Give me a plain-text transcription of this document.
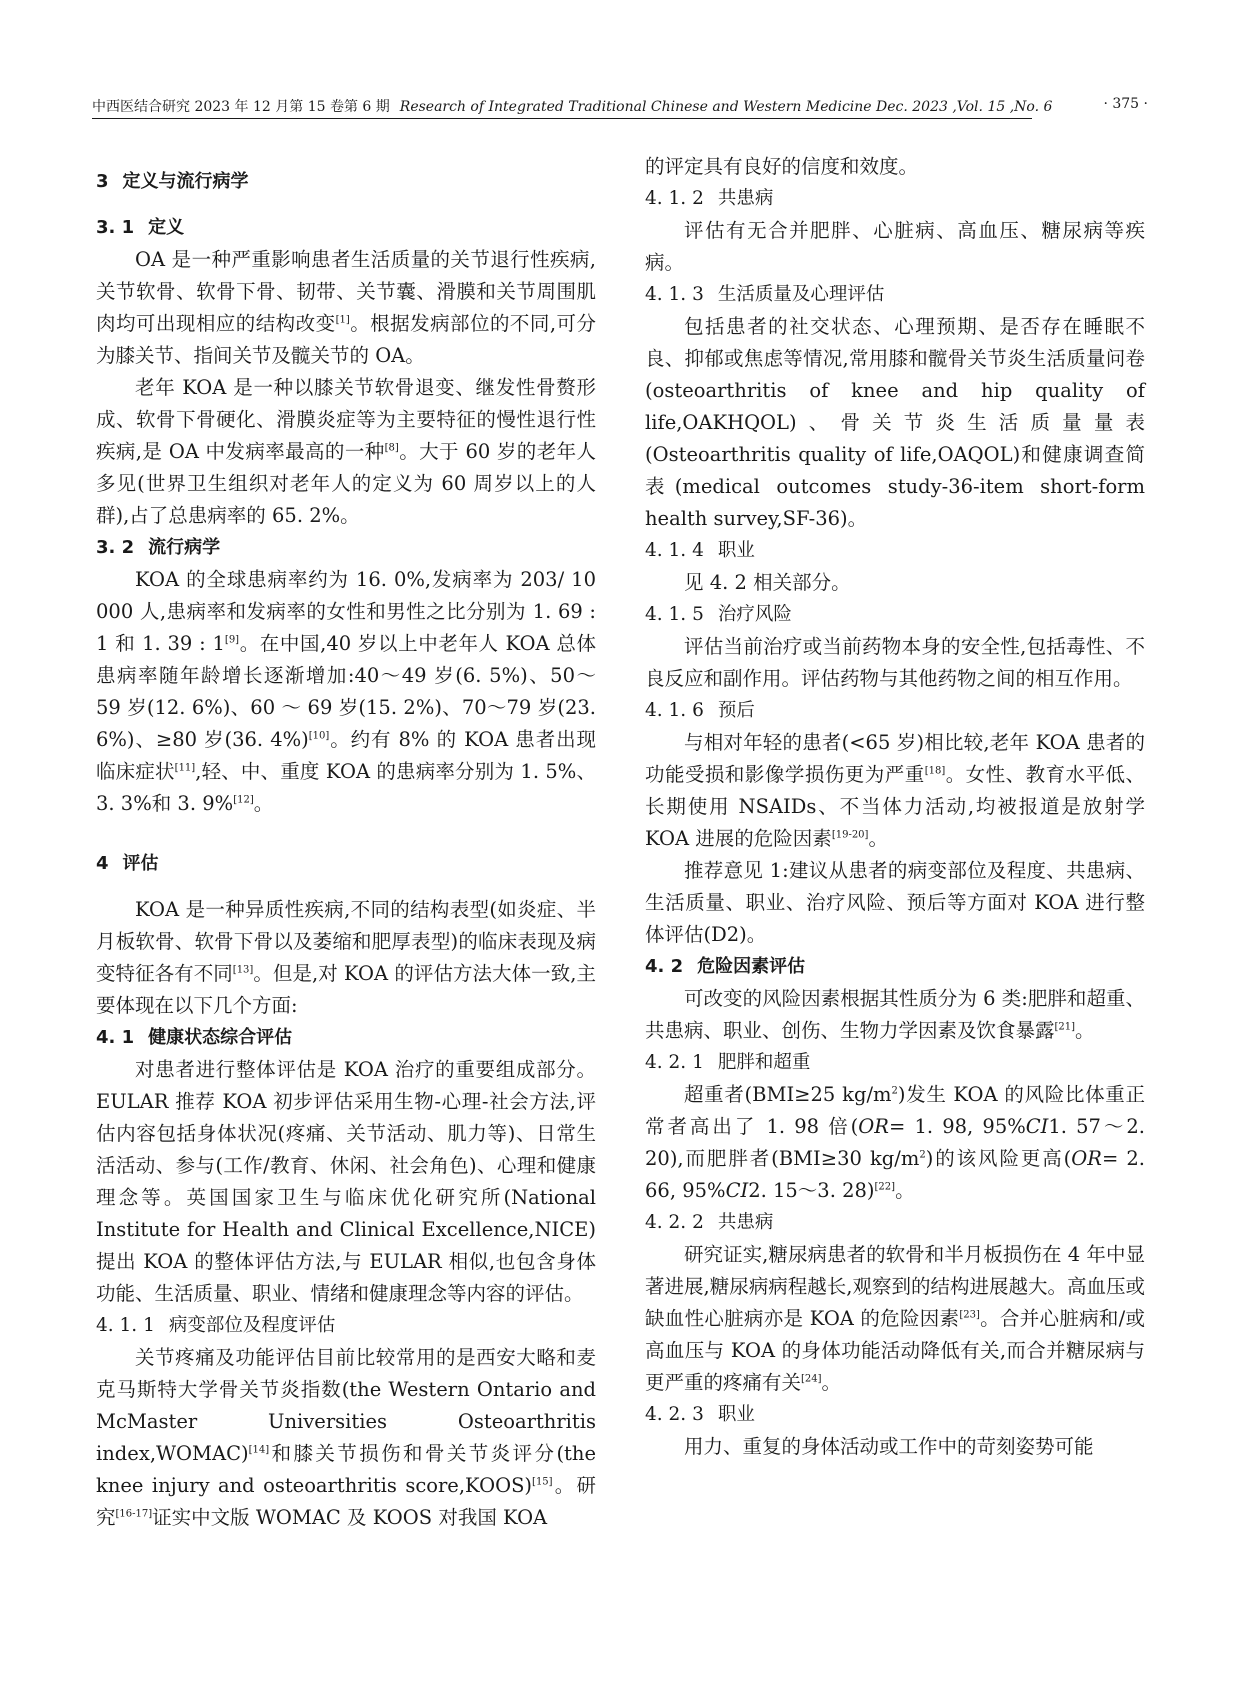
中西医结合研究 2023 年 12 月第 15 卷第 6 期 Research of Integrated Traditional Chinese and Western Medicine Dec. 2023 ,Vol. 15 ,No. 6	· 375 ·

3 定义与流行病学

3. 1 定义

OA 是一种严重影响患者生活质量的关节退行性疾病,关节软骨、软骨下骨、韧带、关节囊、滑膜和关节周围肌肉均可出现相应的结构改变[1]。根据发病部位的不同,可分为膝关节、指间关节及髋关节的 OA。

老年 KOA 是一种以膝关节软骨退变、继发性骨赘形成、软骨下骨硬化、滑膜炎症等为主要特征的慢性退行性疾病,是 OA 中发病率最高的一种[8]。大于 60 岁的老年人多见(世界卫生组织对老年人的定义为 60 周岁以上的人群),占了总患病率的 65. 2%。

3. 2 流行病学

KOA 的全球患病率约为 16. 0%,发病率为 203/ 10 000 人,患病率和发病率的女性和男性之比分别为 1. 69 : 1 和 1. 39 : 1[9]。在中国,40 岁以上中老年人 KOA 总体患病率随年龄增长逐渐增加:40～49 岁(6. 5%)、50～ 59 岁(12. 6%)、60 ～ 69 岁(15. 2%)、70～79 岁(23. 6%)、≥80 岁(36. 4%)[10]。约有 8% 的 KOA 患者出现临床症状[11],轻、中、重度 KOA 的患病率分别为 1. 5%、3. 3%和 3. 9%[12]。

4 评估

KOA 是一种异质性疾病,不同的结构表型(如炎症、半月板软骨、软骨下骨以及萎缩和肥厚表型)的临床表现及病变特征各有不同[13]。但是,对 KOA 的评估方法大体一致,主要体现在以下几个方面:

4. 1 健康状态综合评估

对患者进行整体评估是 KOA 治疗的重要组成部分。EULAR 推荐 KOA 初步评估采用生物-心理-社会方法,评估内容包括身体状况(疼痛、关节活动、肌力等)、日常生活活动、参与(工作/教育、休闲、社会角色)、心理和健康理念等。英国国家卫生与临床优化研究所(National Institute for Health and Clinical Excellence,NICE)提出 KOA 的整体评估方法,与 EULAR 相似,也包含身体功能、生活质量、职业、情绪和健康理念等内容的评估。

4. 1. 1 病变部位及程度评估

关节疼痛及功能评估目前比较常用的是西安大略和麦克马斯特大学骨关节炎指数(the Western Ontario and McMaster Universities Osteoarthritis index,WOMAC)[14]和膝关节损伤和骨关节炎评分(the knee injury and osteoarthritis score,KOOS)[15]。研究[16-17]证实中文版 WOMAC 及 KOOS 对我国 KOA

的评定具有良好的信度和效度。

4. 1. 2 共患病

评估有无合并肥胖、心脏病、高血压、糖尿病等疾病。

4. 1. 3 生活质量及心理评估

包括患者的社交状态、心理预期、是否存在睡眠不良、抑郁或焦虑等情况,常用膝和髋骨关节炎生活质量问卷(osteoarthritis of knee and hip quality of life,OAKHQOL)、骨关节炎生活质量量表(Osteoarthritis quality of life,OAQOL)和健康调查简表(medical outcomes study-36-item short-form health survey,SF-36)。

4. 1. 4 职业

见 4. 2 相关部分。

4. 1. 5 治疗风险

评估当前治疗或当前药物本身的安全性,包括毒性、不良反应和副作用。评估药物与其他药物之间的相互作用。

4. 1. 6 预后

与相对年轻的患者(<65 岁)相比较,老年 KOA 患者的功能受损和影像学损伤更为严重[18]。女性、教育水平低、长期使用 NSAIDs、不当体力活动,均被报道是放射学 KOA 进展的危险因素[19-20]。

推荐意见 1:建议从患者的病变部位及程度、共患病、生活质量、职业、治疗风险、预后等方面对 KOA 进行整体评估(D2)。

4. 2 危险因素评估

可改变的风险因素根据其性质分为 6 类:肥胖和超重、共患病、职业、创伤、生物力学因素及饮食暴露[21]。

4. 2. 1 肥胖和超重

超重者(BMI≥25 $kg/m^2$)发生 KOA 的风险比体重正常者高出了 1. 98 倍(OR= 1. 98, 95%CI1. 57～2. 20),而肥胖者(BMI≥30 $kg/m^2$)的该风险更高(OR= 2. 66, 95%CI2. 15～3. 28)[22]。

4. 2. 2 共患病

研究证实,糖尿病患者的软骨和半月板损伤在 4 年中显著进展,糖尿病病程越长,观察到的结构进展越大。高血压或缺血性心脏病亦是 KOA 的危险因素[23]。合并心脏病和/或高血压与 KOA 的身体功能活动降低有关,而合并糖尿病与更严重的疼痛有关[24]。

4. 2. 3 职业

用力、重复的身体活动或工作中的苛刻姿势可能
